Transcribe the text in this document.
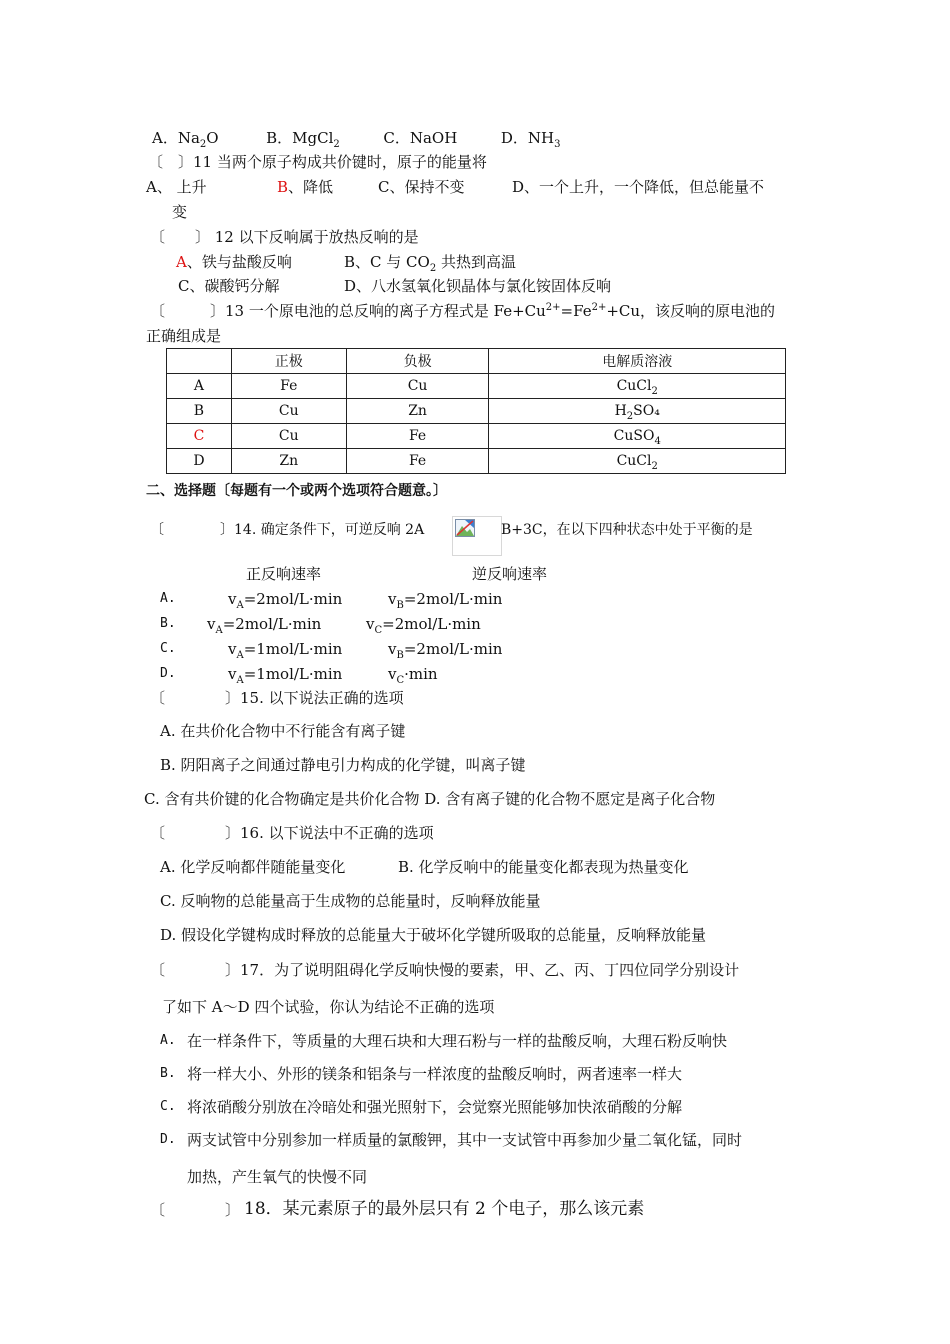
A．$Na_2O$	B．MgCl$_2$	C．NaOH	D．$NH_3$
〔　〕11 当两个原子构成共价键时，原子的能量将
A、 上升	B、降低	C、保持不变	D、一个上升，一个降低，但总能量不
变
〔　　〕 12 以下反响属于放热反响的是
A、铁与盐酸反响	B、C 与 $CO_2$ 共热到高温
C、碳酸钙分解	D、八水氢氧化钡晶体与氯化铵固体反响
〔　　　〕13 一个原电池的总反响的离子方程式是 $Fe+Cu^{2+}=Fe^{2+}+Cu$，该反响的原电池的
正确组成是
	正极	负极	电解质溶液
A	Fe	Cu	CuCl$_2$
B	Cu	Zn	$H_2SO_4$
C	Cu	Fe	CuSO$_4$
D	Zn	Fe	CuCl$_2$
二、选择题〔每题有一个或两个选项符合题意。〕
〔　　　　〕14. 确定条件下，可逆反响 2A	B+3C，在以下四种状态中处于平衡的是
正反响速率	逆反响速率
A.	$v_A=2mol/L\cdot\min$	$v_B=2mol/L\cdot\min$
B. $v_A=2mol/L\cdot\min$	$v_C=2mol/L\cdot\min$
C.	$v_A=1mol/L\cdot\min$	$v_B=2mol/L\cdot\min$
D.	$v_A=1mol/L\cdot\min$	$v_C\cdot\min$
〔　　　　〕15. 以下说法正确的选项
A. 在共价化合物中不行能含有离子键
B. 阴阳离子之间通过静电引力构成的化学键，叫离子键
C. 含有共价键的化合物确定是共价化合物 D. 含有离子键的化合物不愿定是离子化合物
〔　　　　〕16. 以下说法中不正确的选项
A. 化学反响都伴随能量变化	B. 化学反响中的能量变化都表现为热量变化
C. 反响物的总能量高于生成物的总能量时，反响释放能量
D. 假设化学键构成时释放的总能量大于破坏化学键所吸取的总能量，反响释放能量
〔　　　　〕17．为了说明阻碍化学反响快慢的要素，甲、乙、丙、丁四位同学分别设计
了如下 A～D 四个试验，你认为结论不正确的选项
A. 在一样条件下，等质量的大理石块和大理石粉与一样的盐酸反响，大理石粉反响快
B. 将一样大小、外形的镁条和铝条与一样浓度的盐酸反响时，两者速率一样大
C. 将浓硝酸分别放在冷暗处和强光照射下，会觉察光照能够加快浓硝酸的分解
D. 两支试管中分别参加一样质量的氯酸钾，其中一支试管中再参加少量二氧化锰，同时
加热，产生氧气的快慢不同
〔　　　　〕 18．某元素原子的最外层只有 2 个电子，那么该元素
